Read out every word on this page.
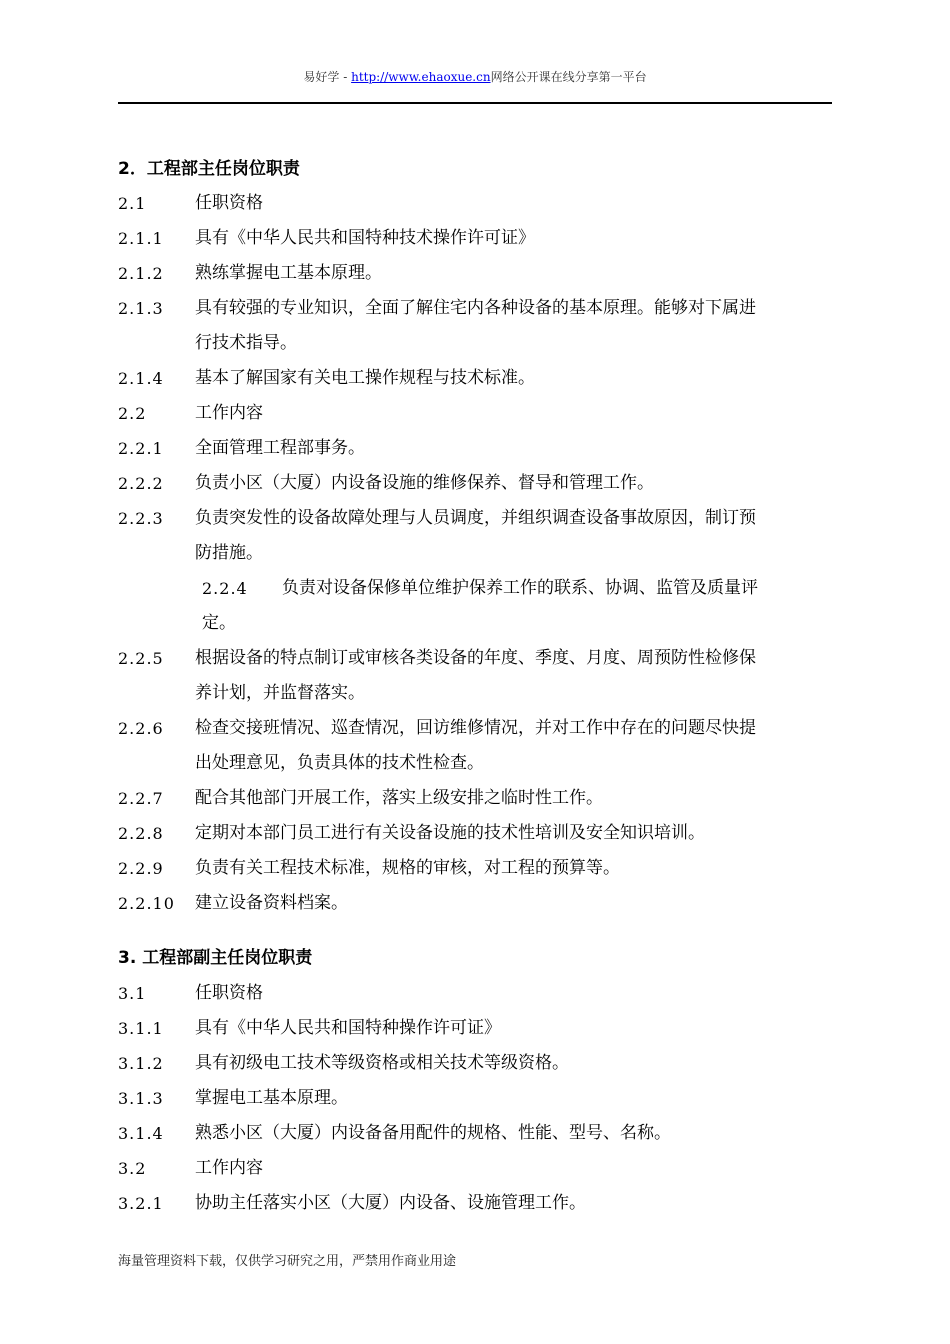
易好学 - http://www.ehaoxue.cn网络公开课在线分享第一平台
2．工程部主任岗位职责
2.1	任职资格
2.1.1 具有《中华人民共和国特种技术操作许可证》
2.1.2 熟练掌握电工基本原理。
2.1.3 具有较强的专业知识，全面了解住宅内各种设备的基本原理。能够对下属进
行技术指导。
2.1.4 基本了解国家有关电工操作规程与技术标准。
2.2	工作内容
2.2.1 全面管理工程部事务。
2.2.2 负责小区（大厦）内设备设施的维修保养、督导和管理工作。
2.2.3 负责突发性的设备故障处理与人员调度，并组织调查设备事故原因，制订预
防措施。
2.2.4 负责对设备保修单位维护保养工作的联系、协调、监管及质量评
定。
2.2.5 根据设备的特点制订或审核各类设备的年度、季度、月度、周预防性检修保
养计划，并监督落实。
2.2.6 检查交接班情况、巡查情况，回访维修情况，并对工作中存在的问题尽快提
出处理意见，负责具体的技术性检查。
2.2.7 配合其他部门开展工作，落实上级安排之临时性工作。
2.2.8 定期对本部门员工进行有关设备设施的技术性培训及安全知识培训。
2.2.9 负责有关工程技术标准，规格的审核，对工程的预算等。
2.2.10 建立设备资料档案。
3. 工程部副主任岗位职责
3.1	任职资格
3.1.1 具有《中华人民共和国特种操作许可证》
3.1.2 具有初级电工技术等级资格或相关技术等级资格。
3.1.3 掌握电工基本原理。
3.1.4 熟悉小区（大厦）内设备备用配件的规格、性能、型号、名称。
3.2	工作内容
3.2.1 协助主任落实小区（大厦）内设备、设施管理工作。
海量管理资料下载，仅供学习研究之用，严禁用作商业用途
